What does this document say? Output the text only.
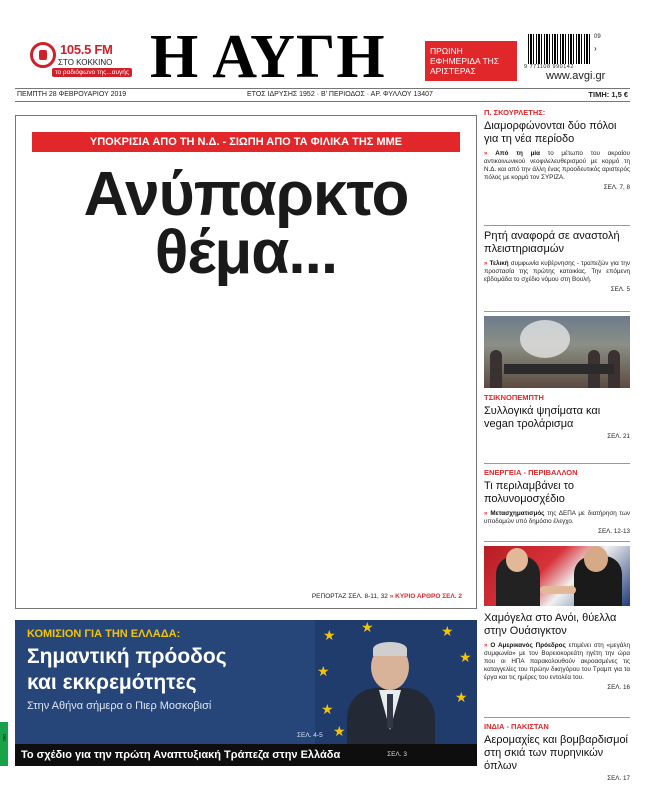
105.5 FM
ΣΤΟ ΚΟΚΚΙΝΟ
το ραδιόφωνο της...αυγής Η ΑΥΓΗ	ΠΡΩΙΝΗ ΕΦΗΜΕΡΙΔΑ ΤΗΣ ΑΡΙΣΤΕΡΑΣ	9 771108 990142
09
›
www.avgi.gr
ΠΕΜΠΤΗ 28 ΦΕΒΡΟΥΑΡΙΟΥ 2019	ΕΤΟΣ ΙΔΡΥΣΗΣ 1952 · Β' ΠΕΡΙΟΔΟΣ · ΑΡ. ΦΥΛΛΟΥ 13407	ΤΙΜΗ: 1,5 €
ΥΠΟΚΡΙΣΙΑ ΑΠΟ ΤΗ Ν.Δ. - ΣΙΩΠΗ ΑΠΟ ΤΑ ΦΙΛΙΚΑ ΤΗΣ ΜΜΕ
Ανύπαρκτο
θέμα...
ΡΕΠΟΡΤΑΖ ΣΕΛ. 8-11, 32 » ΚΥΡΙΟ ΑΡΘΡΟ ΣΕΛ. 2
★ ★	★
★
★
★
★
★
ΚΟΜΙΣΙΟΝ ΓΙΑ ΤΗΝ ΕΛΛΑΔΑ:
Σημαντική πρόοδος
και εκκρεμότητες
Στην Αθήνα σήμερα ο Πιερ Μοσκοβισί
ΣΕΛ. 4-5
Το σχέδιο για την πρώτη Αναπτυξιακή Τράπεζα στην Ελλάδα	ΣΕΛ. 3
28/2
Π. ΣΚΟΥΡΛΕΤΗΣ:
Διαμορφώνονται δύο πόλοι για τη νέα περίοδο
» Από τη μία το μέτωπο του ακραίου αντικοινωνικού νεοφιλελευθερισμού με κορμό τη Ν.Δ. και από την άλλη ένας προοδευτικός αριστερός πόλος με κορμό τον ΣΥΡΙΖΑ.
ΣΕΛ. 7, 8
Ρητή αναφορά σε αναστολή πλειστηριασμών
» Τελική συμφωνία κυβέρνησης - τραπεζών για την προστασία της πρώτης κατοικίας. Την επόμενη εβδομάδα το σχέδιο νόμου στη Βουλή.
ΣΕΛ. 5
ΤΣΙΚΝΟΠΕΜΠΤΗ
Συλλογικά ψησίματα και vegan τρολάρισμα
ΣΕΛ. 21
ΕΝΕΡΓΕΙΑ - ΠΕΡΙΒΑΛΛΟΝ
Τι περιλαμβάνει το πολυνομοσχέδιο
» Μετασχηματισμός της ΔΕΠΑ με διατήρηση των υποδομών υπό δημόσιο έλεγχο.
ΣΕΛ. 12-13
Χαμόγελα στο Ανόι, θύελλα στην Ουάσιγκτον
» Ο Αμερικανός Πρόεδρος επιμένει στη «μεγάλη συμφωνία» με τον Βορειοκορεάτη ηγέτη την ώρα που οι ΗΠΑ παρακολουθούν ακροασμένες τις καταγγελίες του πρώην δικηγόρου του Τραμπ για τα έργα και τις ημέρες του εντολέα του.
ΣΕΛ. 16
ΙΝΔΙΑ - ΠΑΚΙΣΤΑΝ
Αερομαχίες και βομβαρδισμοί στη σκιά των πυρηνικών όπλων
ΣΕΛ. 17
